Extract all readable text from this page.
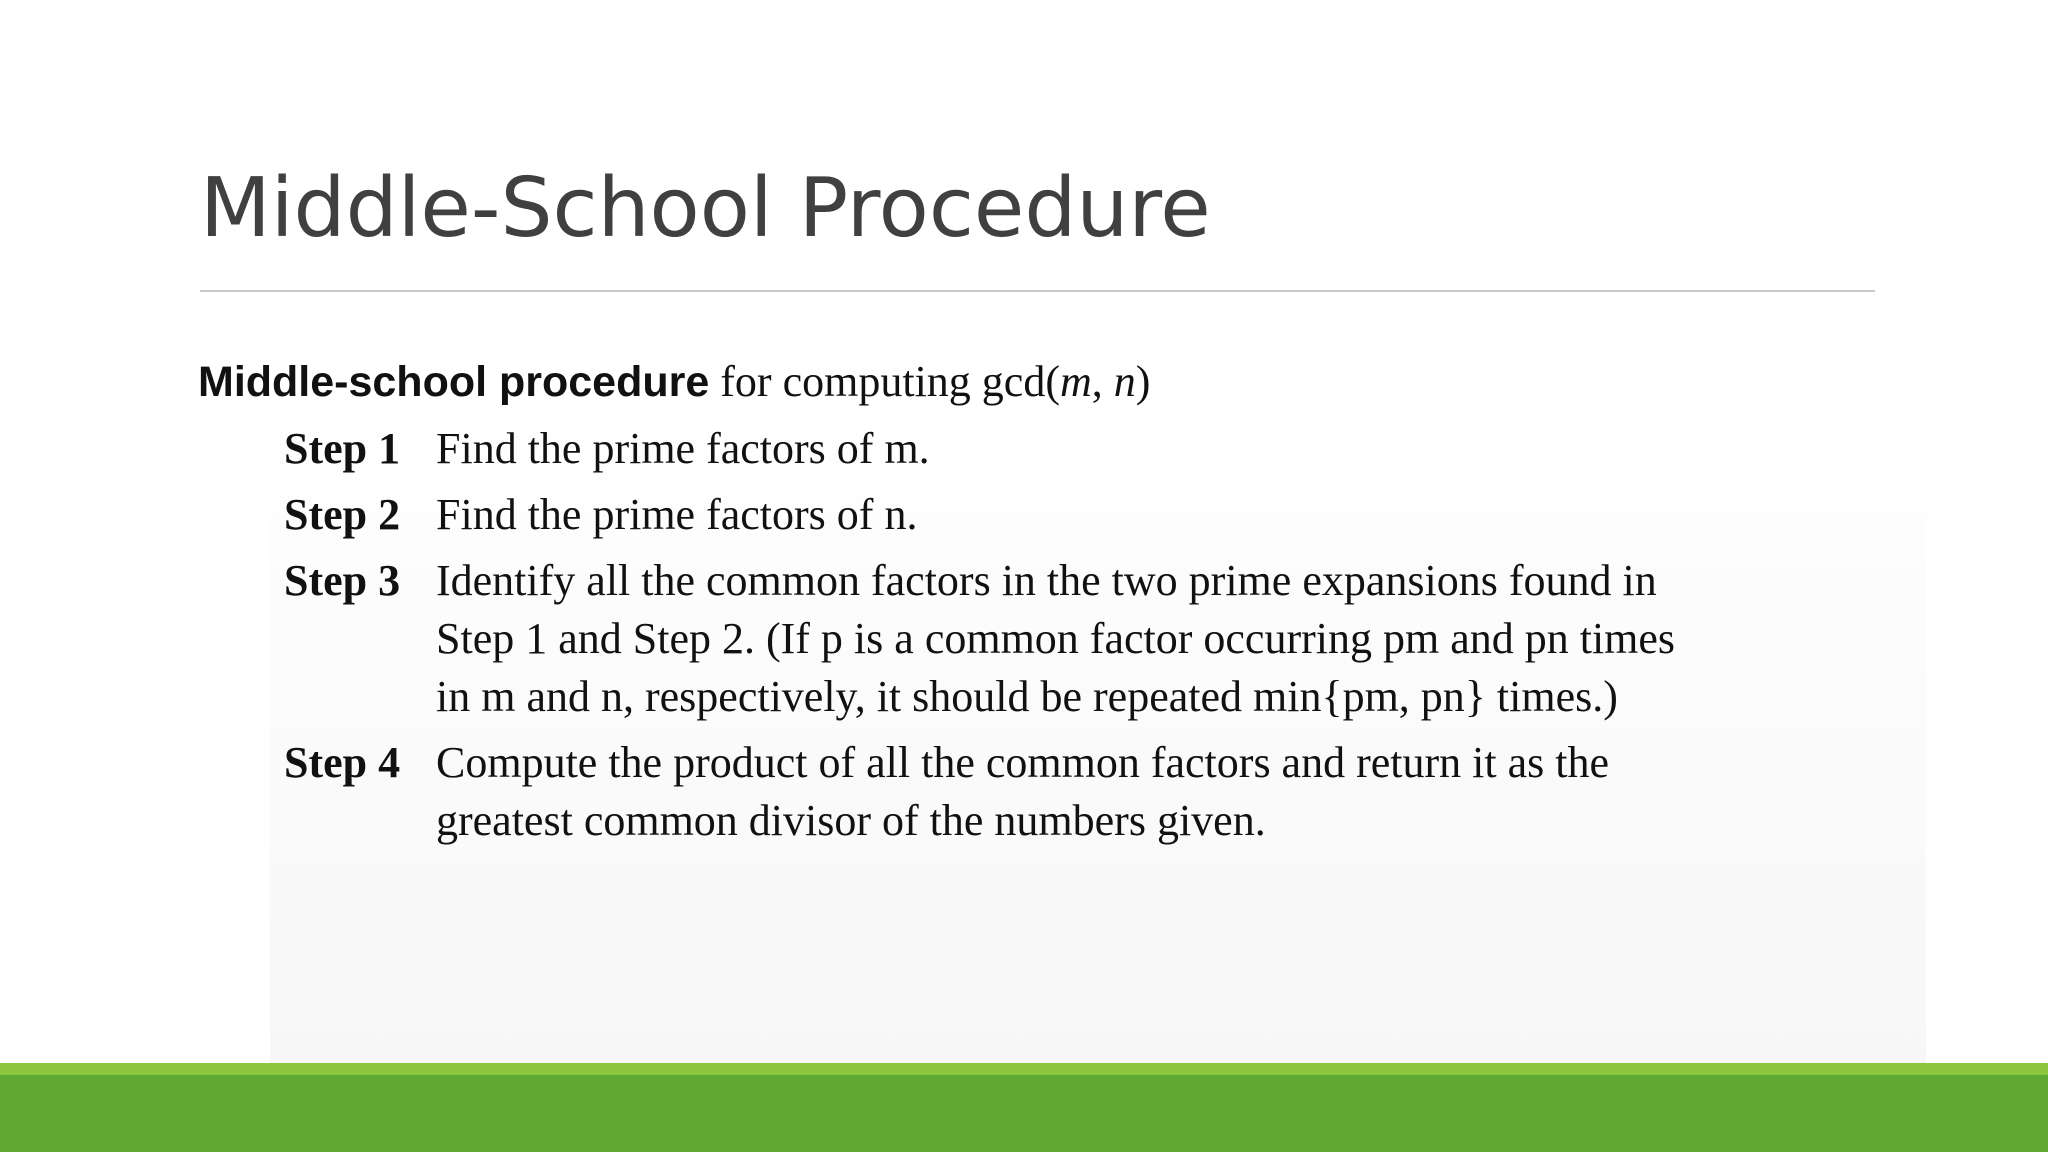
Middle-School Procedure
Middle-school procedure for computing gcd(m, n)
Step 1 Find the prime factors of m.
Step 2 Find the prime factors of n.
Step 3 Identify all the common factors in the two prime expansions found in
Step 1 and Step 2. (If p is a common factor occurring pm and pn times
in m and n, respectively, it should be repeated min{pm, pn} times.)
Step 4 Compute the product of all the common factors and return it as the
greatest common divisor of the numbers given.
